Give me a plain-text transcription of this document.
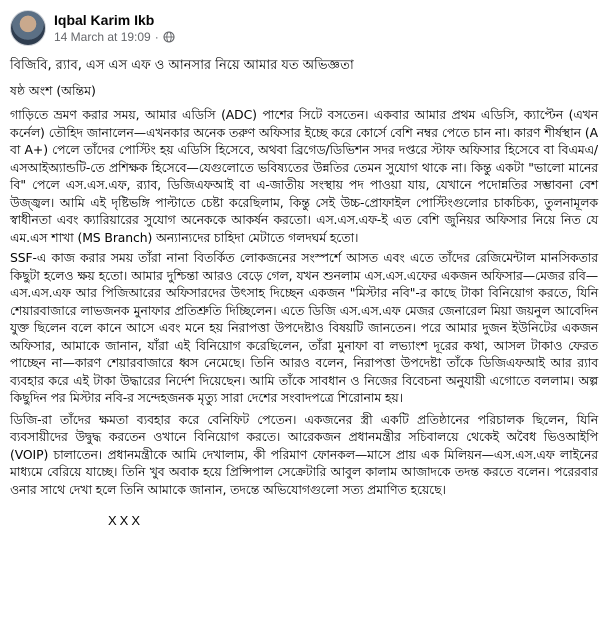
Iqbal Karim Ikb
14 March at 19:09 ·
বিজিবি, র‍্যাব, এস এস এফ ও আনসার নিয়ে আমার যত অভিজ্ঞতা
ষষ্ঠ অংশ (অন্তিম)

গাড়িতে ভ্রমণ করার সময়, আমার এডিসি (ADC) পাশের সিটে বসতেন। একবার আমার প্রথম এডিসি, ক্যাপ্টেন (এখন কর্নেল) তৌহিদ জানালেন—এখনকার অনেক তরুণ অফিসার ইচ্ছে করে কোর্সে বেশি নম্বর পেতে চান না। কারণ শীর্ষস্থান (A বা A+) পেলে তাঁদের পোস্টিং হয় এডিসি হিসেবে, অথবা ব্রিগেড/ডিভিশন সদর দপ্তরে স্টাফ অফিসার হিসেবে বা বিএমএ/এসআইঅ্যান্ডটি-তে প্রশিক্ষক হিসেবে—যেগুলোতে ভবিষ্যতের উন্নতির তেমন সুযোগ থাকে না। কিন্তু একটা "ভালো মানের বি" পেলে এস.এস.এফ, র‍্যাব, ডিজিএফআই বা এ-জাতীয় সংস্থায় পদ পাওয়া যায়, যেখানে পদোন্নতির সম্ভাবনা বেশ উজ্জ্বল। আমি এই দৃষ্টিভঙ্গি পাল্টাতে চেষ্টা করেছিলাম, কিন্তু সেই উচ্চ-প্রোফাইল পোস্টিংগুলোর চাকচিক্য, তুলনামূলক স্বাধীনতা এবং ক্যারিয়ারের সুযোগ অনেককে আকর্ষন করতো। এস.এস.এফ-ই এত বেশি জুনিয়র অফিসার নিয়ে নিত যে এম.এস শাখা (MS Branch) অন্যান্যদের চাহিদা মেটাতে গলদঘর্ম হতো।

SSF-এ কাজ করার সময় তাঁরা নানা বিতর্কিত লোকজনের সংস্পর্শে আসত এবং এতে তাঁদের রেজিমেন্টাল মানসিকতার কিছুটা হলেও ক্ষয় হতো। আমার দুশ্চিন্তা আরও বেড়ে গেল, যখন শুনলাম এস.এস.এফের একজন অফিসার—মেজর রবি—এস.এস.এফ আর পিজিআরের অফিসারদের উৎসাহ দিচ্ছেন একজন "মিস্টার নবি"-র কাছে টাকা বিনিয়োগ করতে, যিনি শেয়ারবাজারে লাভজনক মুনাফার প্রতিশ্রুতি দিচ্ছিলেন। এতে ডিজি এস.এস.এফ মেজর জেনারেল মিয়া জয়নুল আবেদিন যুক্ত ছিলেন বলে কানে আসে এবং মনে হয় নিরাপত্তা উপদেষ্টাও বিষয়টি জানতেন। পরে আমার দুজন ইউনিটের একজন অফিসার, আমাকে জানান, যাঁরা এই বিনিয়োগ করেছিলেন, তাঁরা মুনাফা বা লভ্যাংশ দূরের কথা, আসল টাকাও ফেরত পাচ্ছেন না—কারণ শেয়ারবাজারে ধ্বস নেমেছে। তিনি আরও বলেন, নিরাপত্তা উপদেষ্টা তাঁকে ডিজিএফআই আর র‍্যাব ব্যবহার করে এই টাকা উদ্ধারের নির্দেশ দিয়েছেন। আমি তাঁকে সাবধান ও নিজের বিবেচনা অনুযায়ী এগোতে বললাম। অল্প কিছুদিন পর মিস্টার নবি-র সন্দেহজনক মৃত্যু সারা দেশের সংবাদপত্রে শিরোনাম হয়।

ডিজি-রা তাঁদের ক্ষমতা ব্যবহার করে বেনিফিট পেতেন। একজনের স্ত্রী একটি প্রতিষ্ঠানের পরিচালক ছিলেন, যিনি ব্যবসায়ীদের উদ্বুদ্ধ করতেন ওখানে বিনিয়োগ করতে। আরেকজন প্রধানমন্ত্রীর সচিবালয়ে থেকেই অবৈধ ভিওআইপি (VOIP) চালাতেন। প্রধানমন্ত্রীকে আমি দেখালাম, কী পরিমাণ ফোনকল—মাসে প্রায় এক মিলিয়ন—এস.এস.এফ লাইনের মাধ্যমে বেরিয়ে যাচ্ছে। তিনি খুব অবাক হয়ে প্রিন্সিপাল সেক্রেটারি আবুল কালাম আজাদকে তদন্ত করতে বলেন। পরেরবার ওনার সাথে দেখা হলে তিনি আমাকে জানান, তদন্তে অভিযোগগুলো সত্য প্রমাণিত হয়েছে।

XXX
